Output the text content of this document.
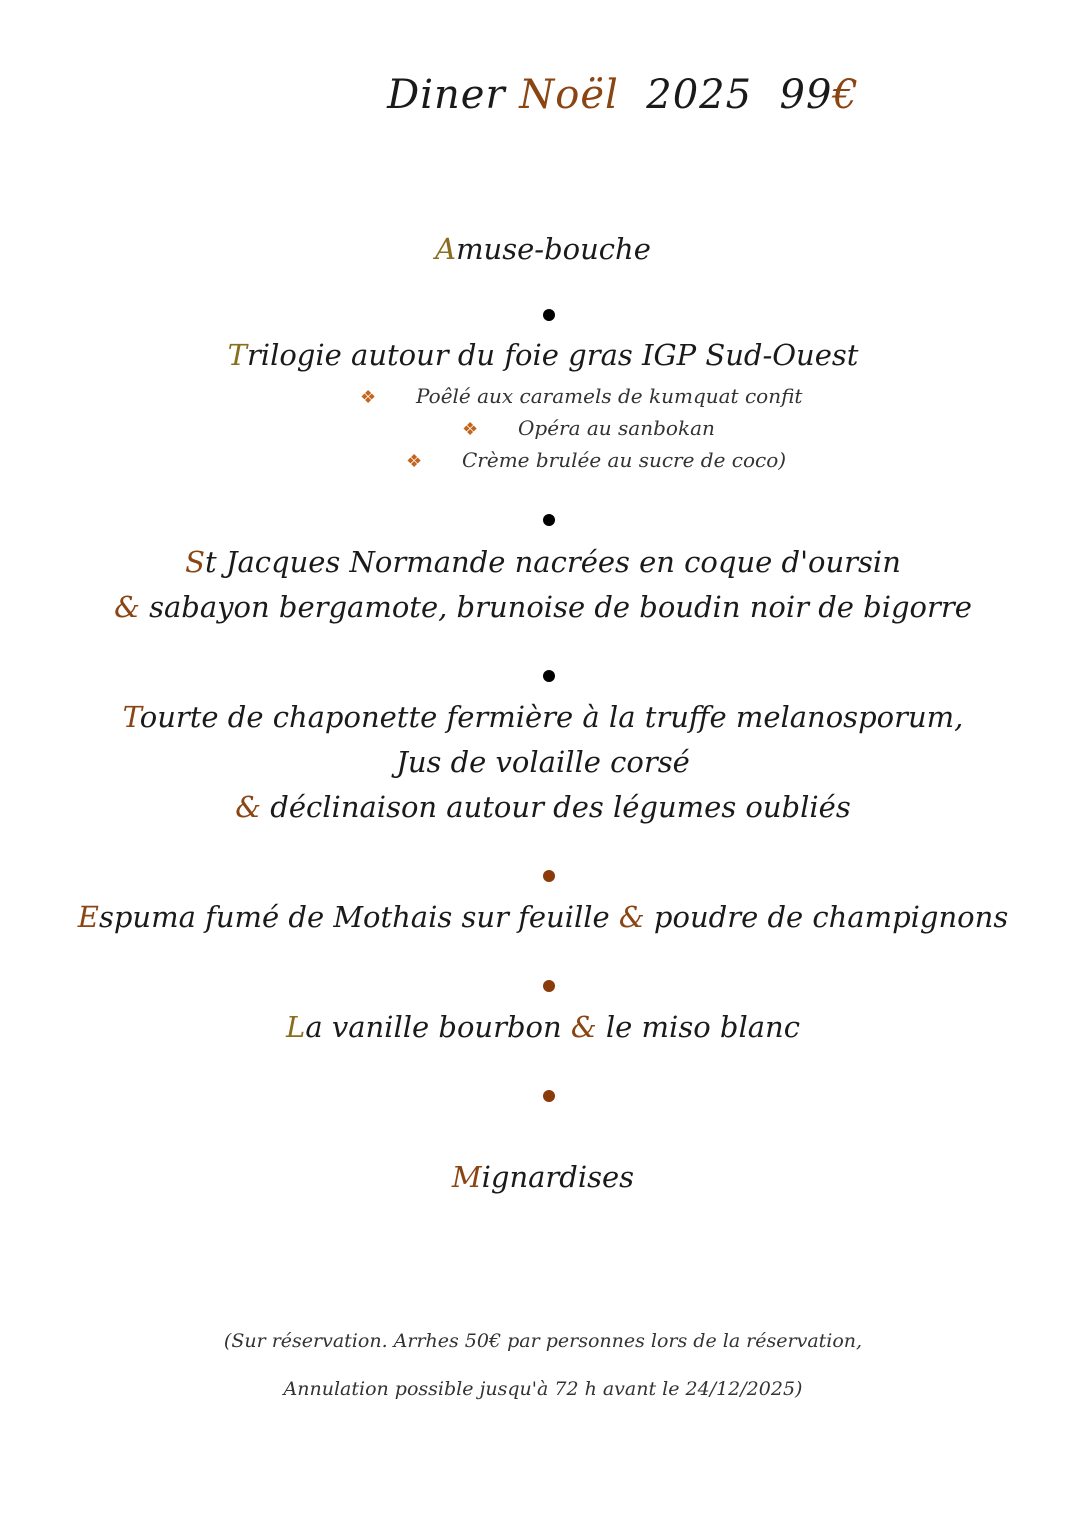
Diner Noël 2025 99€
Amuse-bouche
Trilogie autour du foie gras IGP Sud-Ouest
❖ Poêlé aux caramels de kumquat confit
❖ Opéra au sanbokan
❖ Crème brulée au sucre de coco)
St Jacques Normande nacrées en coque d'oursin
& sabayon bergamote, brunoise de boudin noir de bigorre
Tourte de chaponette fermière à la truffe melanosporum,
Jus de volaille corsé
& déclinaison autour des légumes oubliés
Espuma fumé de Mothais sur feuille & poudre de champignons
La vanille bourbon & le miso blanc
Mignardises
(Sur réservation. Arrhes 50€ par personnes lors de la réservation,
Annulation possible jusqu'à 72 h avant le 24/12/2025)
